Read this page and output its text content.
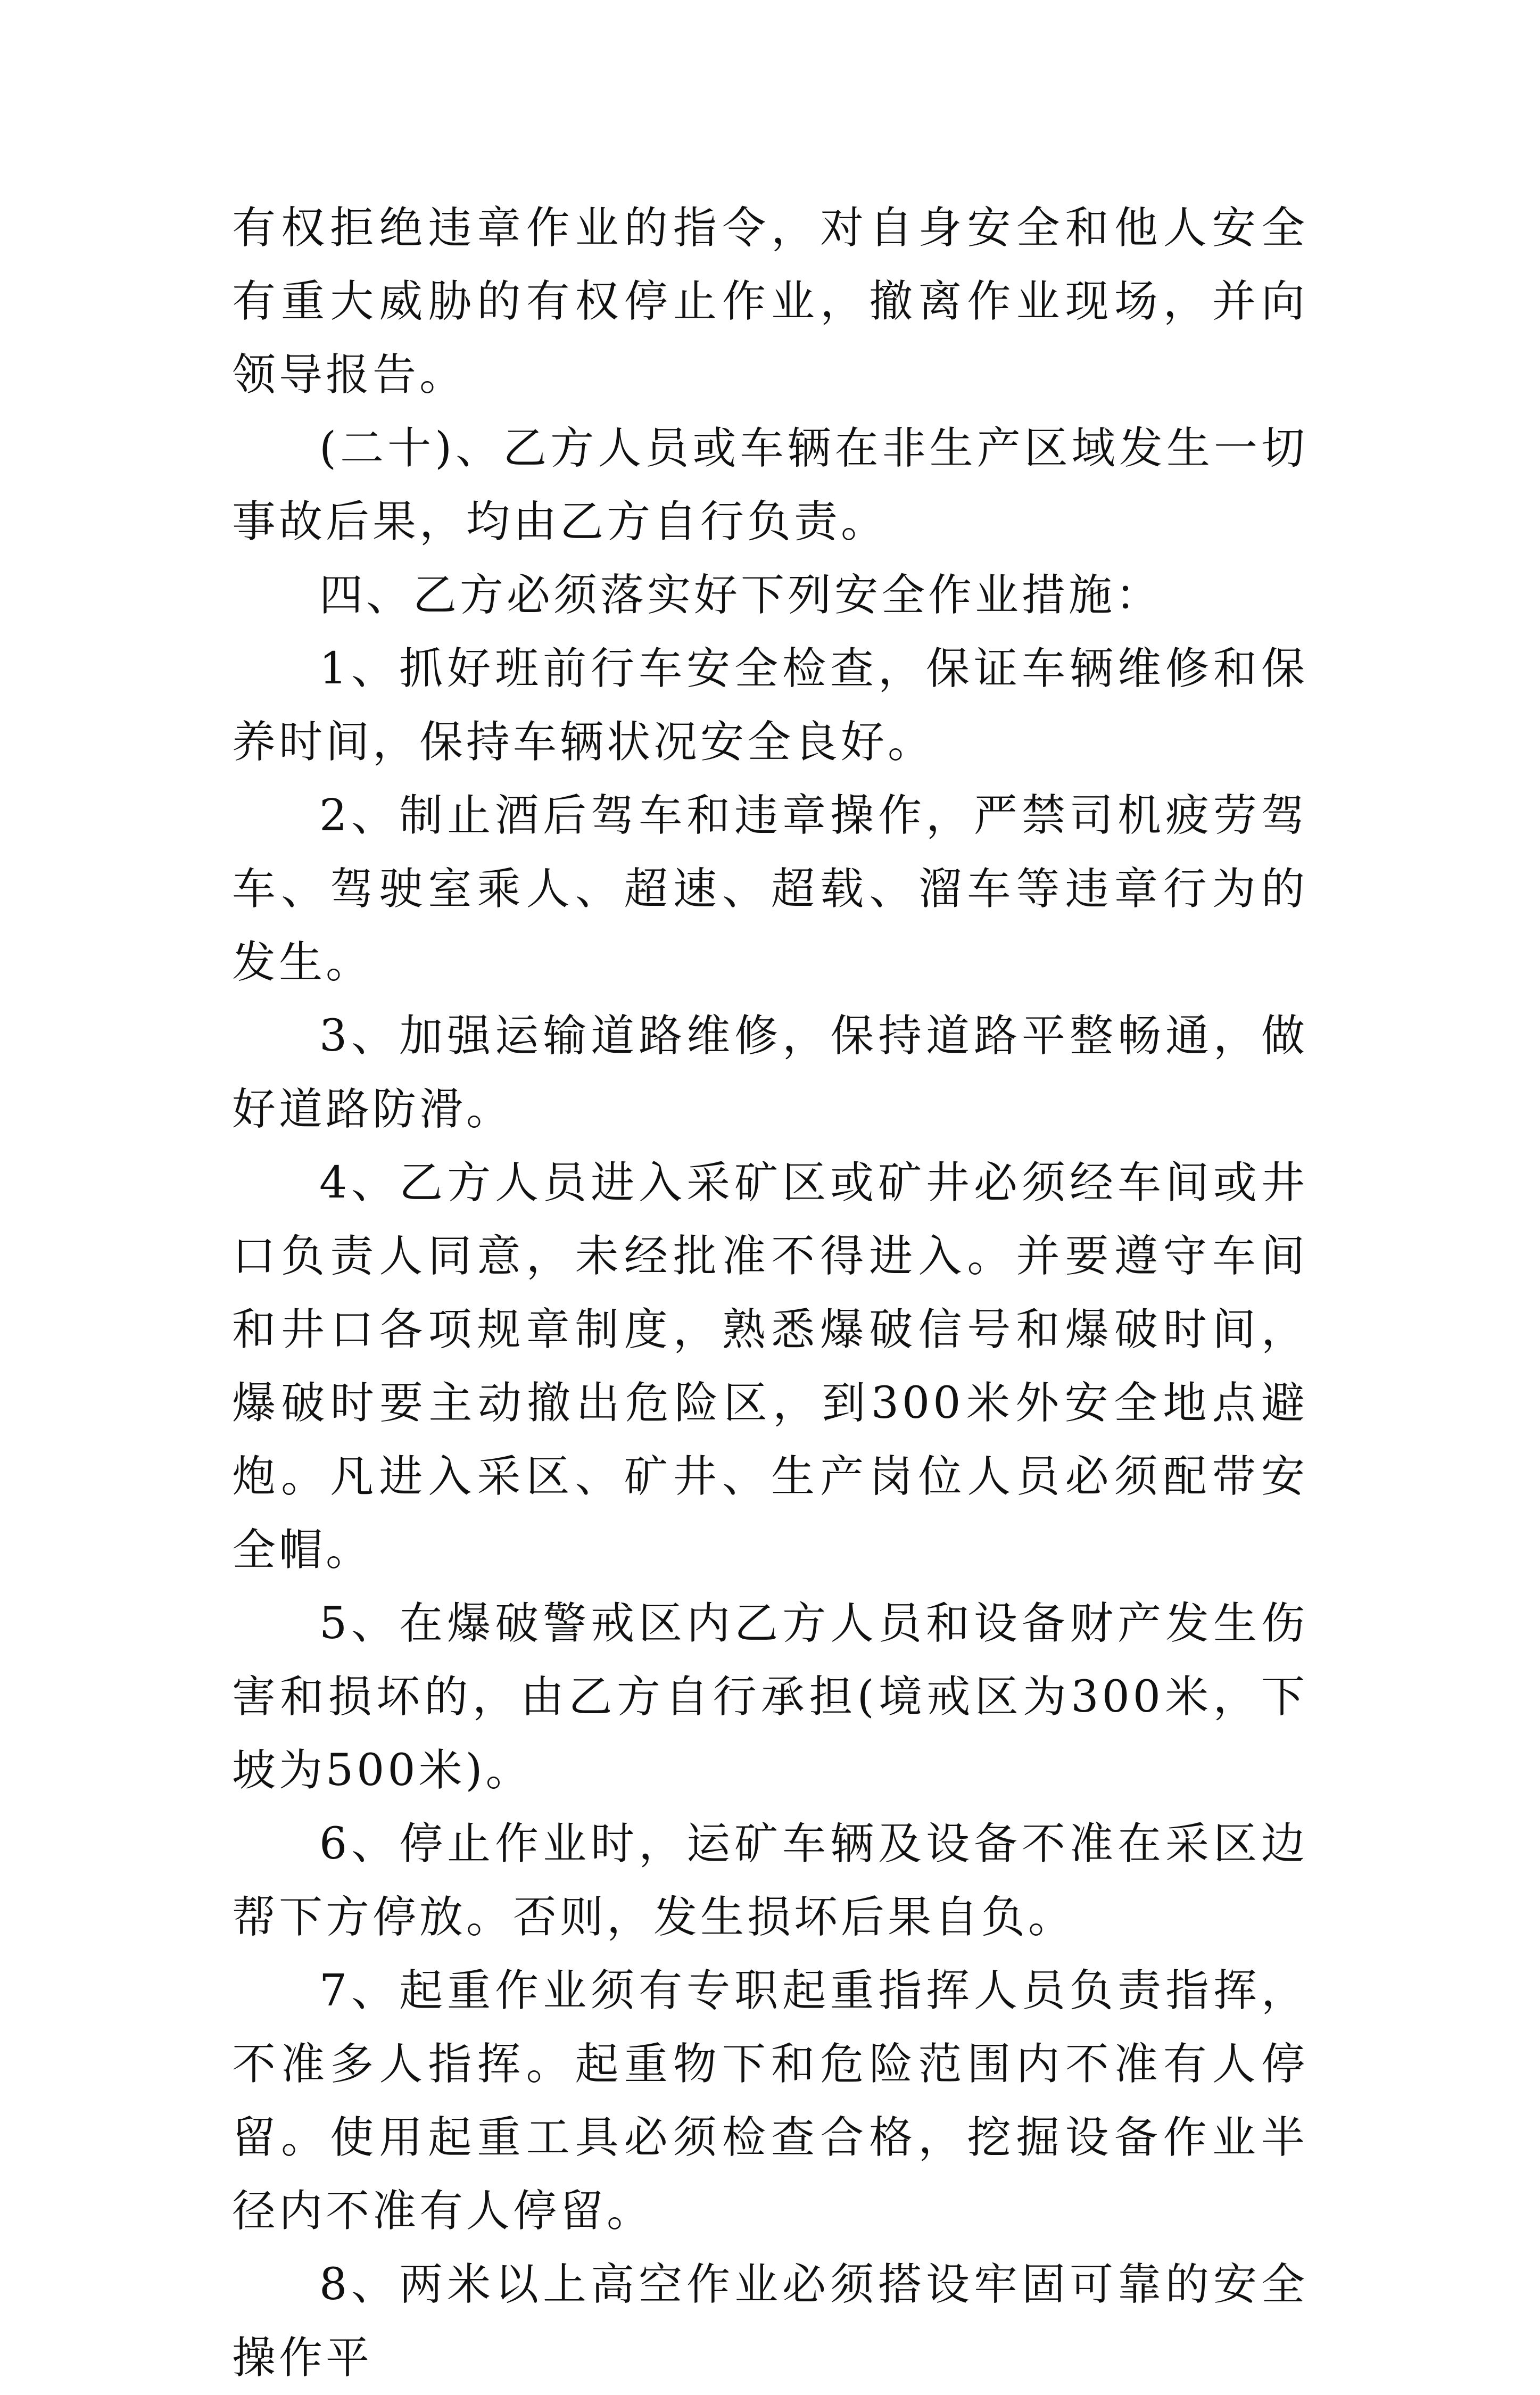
有权拒绝违章作业的指令，对自身安全和他人安全有重大威胁的有权停止作业，撤离作业现场，并向领导报告。

(二十)、乙方人员或车辆在非生产区域发生一切事故后果，均由乙方自行负责。

四、乙方必须落实好下列安全作业措施：

1、抓好班前行车安全检查，保证车辆维修和保养时间，保持车辆状况安全良好。

2、制止酒后驾车和违章操作，严禁司机疲劳驾车、驾驶室乘人、超速、超载、溜车等违章行为的发生。

3、加强运输道路维修，保持道路平整畅通，做好道路防滑。

4、乙方人员进入采矿区或矿井必须经车间或井口负责人同意，未经批准不得进入。并要遵守车间和井口各项规章制度，熟悉爆破信号和爆破时间，爆破时要主动撤出危险区，到300米外安全地点避炮。凡进入采区、矿井、生产岗位人员必须配带安全帽。

5、在爆破警戒区内乙方人员和设备财产发生伤害和损坏的，由乙方自行承担(境戒区为300米，下坡为500米)。

6、停止作业时，运矿车辆及设备不准在采区边帮下方停放。否则，发生损坏后果自负。

7、起重作业须有专职起重指挥人员负责指挥，不准多人指挥。起重物下和危险范围内不准有人停留。使用起重工具必须检查合格，挖掘设备作业半径内不准有人停留。

8、两米以上高空作业必须搭设牢固可靠的安全操作平
